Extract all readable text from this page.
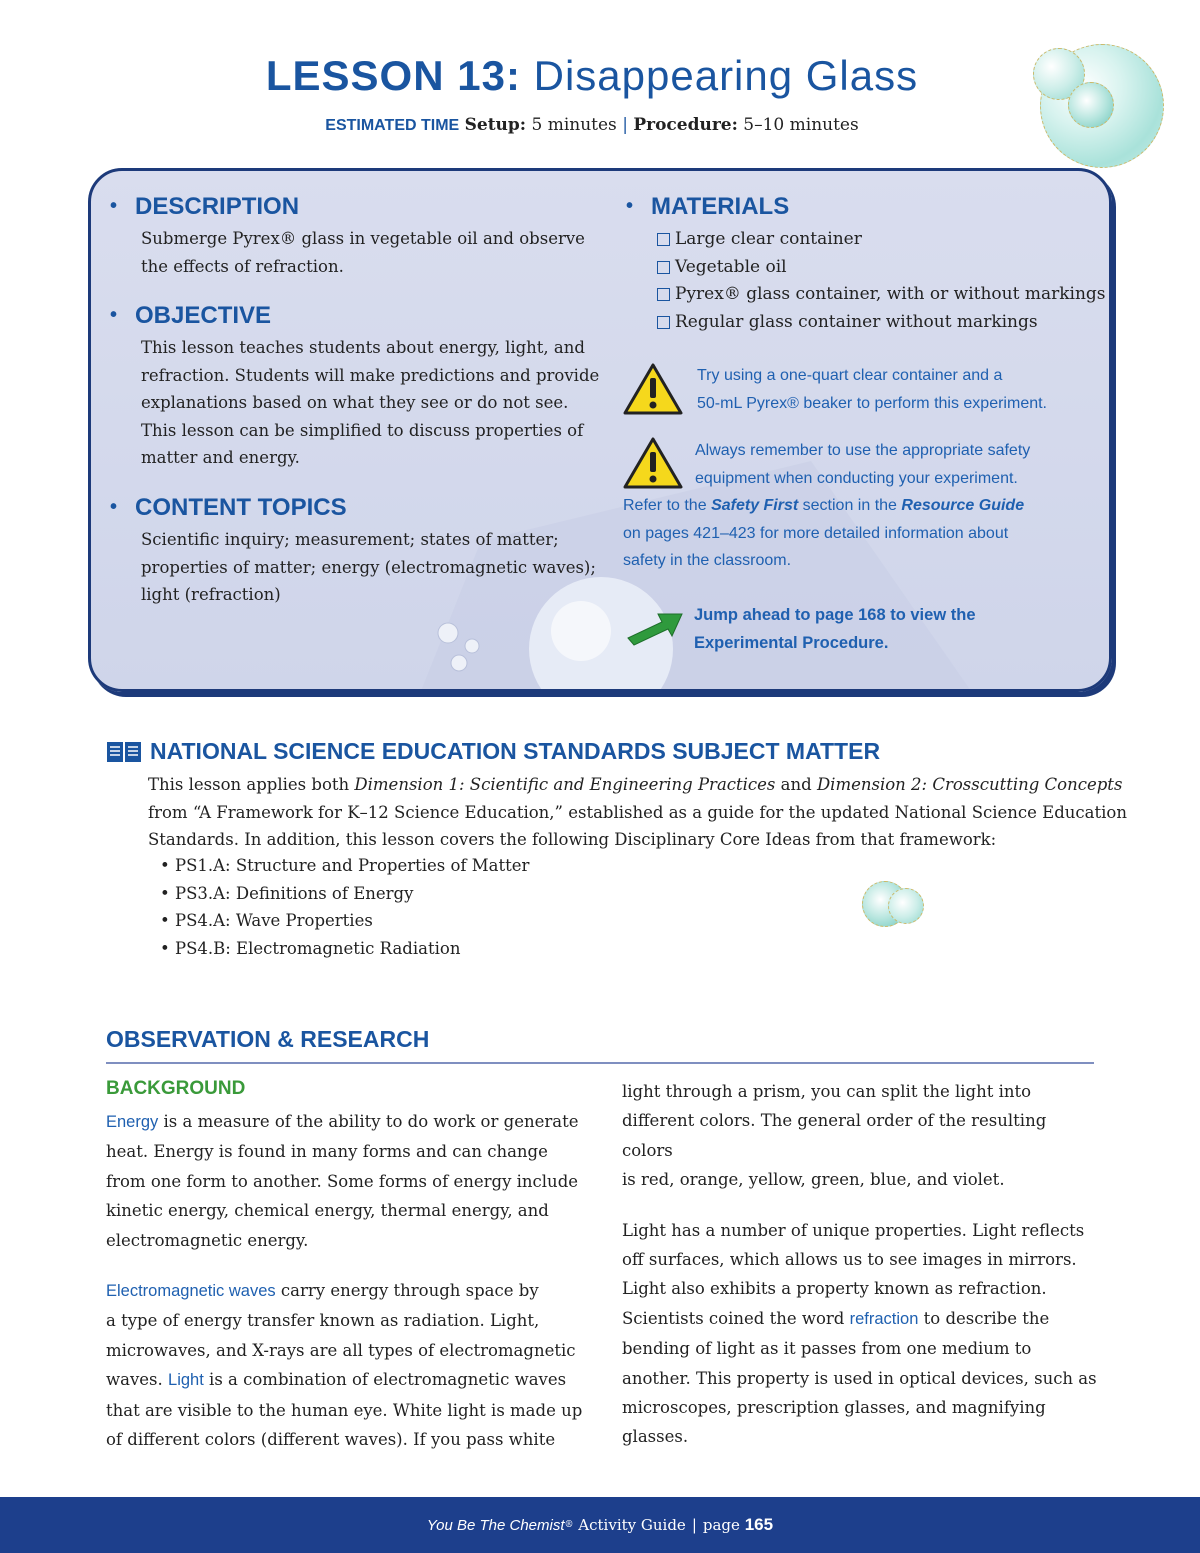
LESSON 13: Disappearing Glass
ESTIMATED TIME Setup: 5 minutes | Procedure: 5–10 minutes
• DESCRIPTION
Submerge Pyrex® glass in vegetable oil and observe
the effects of refraction.
• OBJECTIVE
This lesson teaches students about energy, light, and
refraction. Students will make predictions and provide
explanations based on what they see or do not see.
This lesson can be simplified to discuss properties of
matter and energy.
• CONTENT TOPICS
Scientific inquiry; measurement; states of matter;
properties of matter; energy (electromagnetic waves);
light (refraction)
• MATERIALS
Large clear container
Vegetable oil
Pyrex® glass container, with or without markings
Regular glass container without markings
Try using a one-quart clear container and a
50-mL Pyrex® beaker to perform this experiment.
Always remember to use the appropriate safety
equipment when conducting your experiment.
Refer to the Safety First section in the Resource Guide
on pages 421–423 for more detailed information about
safety in the classroom.
Jump ahead to page 168 to view the
Experimental Procedure.
NATIONAL SCIENCE EDUCATION STANDARDS SUBJECT MATTER
This lesson applies both Dimension 1: Scientific and Engineering Practices and Dimension 2: Crosscutting Concepts
from “A Framework for K–12 Science Education,” established as a guide for the updated National Science Education
Standards. In addition, this lesson covers the following Disciplinary Core Ideas from that framework:
• PS1.A: Structure and Properties of Matter
• PS3.A: Definitions of Energy
• PS4.A: Wave Properties
• PS4.B: Electromagnetic Radiation
OBSERVATION & RESEARCH
BACKGROUND
Energy is a measure of the ability to do work or generate
heat. Energy is found in many forms and can change
from one form to another. Some forms of energy include
kinetic energy, chemical energy, thermal energy, and
electromagnetic energy.
Electromagnetic waves carry energy through space by
a type of energy transfer known as radiation. Light,
microwaves, and X-rays are all types of electromagnetic
waves. Light is a combination of electromagnetic waves
that are visible to the human eye. White light is made up
of different colors (different waves). If you pass white
light through a prism, you can split the light into
different colors. The general order of the resulting colors
is red, orange, yellow, green, blue, and violet.
Light has a number of unique properties. Light reflects
off surfaces, which allows us to see images in mirrors.
Light also exhibits a property known as refraction.
Scientists coined the word refraction to describe the
bending of light as it passes from one medium to
another. This property is used in optical devices, such as
microscopes, prescription glasses, and magnifying
glasses.
You Be The Chemist ®
Activity Guide | page
165
